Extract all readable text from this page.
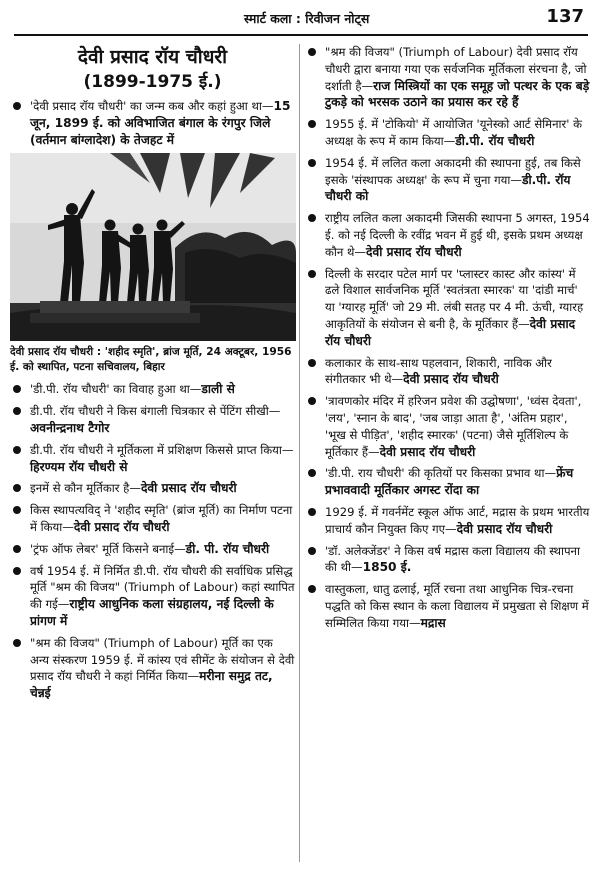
स्मार्ट कला : रिवीजन नोट्स	137
देवी प्रसाद रॉय चौधरी
(1899-1975 ई.)
'देवी प्रसाद रॉय चौधरी' का जन्म कब और कहां हुआ था—15 जून, 1899 ई. को अविभाजित बंगाल के रंगपुर जिले (वर्तमान बांग्लादेश) के तेजहट में
देवी प्रसाद रॉय चौधरी : 'शहीद स्मृति', ब्रांज मूर्ति, 24 अक्टूबर, 1956 ई. को स्थापित, पटना सचिवालय, बिहार
'डी.पी. रॉय चौधरी' का विवाह हुआ था—डाली से
डी.पी. रॉय चौधरी ने किस बंगाली चित्रकार से पेंटिंग सीखी—अवनीन्द्रनाथ टैगोर
डी.पी. रॉय चौधरी ने मूर्तिकला में प्रशिक्षण किससे प्राप्त किया—हिरण्यम रॉय चौधरी से
इनमें से कौन मूर्तिकार है—देवी प्रसाद रॉय चौधरी
किस स्थापत्यविद् ने 'शहीद स्मृति' (ब्रांज मूर्ति) का निर्माण पटना में किया—देवी प्रसाद रॉय चौधरी
'ट्रंफ ऑफ लेबर' मूर्ति किसने बनाई—डी. पी. रॉय चौधरी
वर्ष 1954 ई. में निर्मित डी.पी. रॉय चौधरी की सर्वाधिक प्रसिद्ध मूर्ति "श्रम की विजय" (Triumph of Labour) कहां स्थापित की गई—राष्ट्रीय आधुनिक कला संग्रहालय, नई दिल्ली के प्रांगण में
"श्रम की विजय" (Triumph of Labour) मूर्ति का एक अन्य संस्करण 1959 ई. में कांस्य एवं सीमेंट के संयोजन से देवी प्रसाद रॉय चौधरी ने कहां निर्मित किया—मरीना समुद्र तट, चेन्नई
"श्रम की विजय" (Triumph of Labour) देवी प्रसाद रॉय चौधरी द्वारा बनाया गया एक सर्वजनिक मूर्तिकला संरचना है, जो दर्शाती है—राज मिस्त्रियों का एक समूह जो पत्थर के एक बड़े टुकड़े को भरसक उठाने का प्रयास कर रहे हैं
1955 ई. में 'टोकियो' में आयोजित 'यूनेस्को आर्ट सेमिनार' के अध्यक्ष के रूप में काम किया—डी.पी. रॉय चौधरी
1954 ई. में ललित कला अकादमी की स्थापना हुई, तब किसे इसके 'संस्थापक अध्यक्ष' के रूप में चुना गया—डी.पी. रॉय चौधरी को
राष्ट्रीय ललित कला अकादमी जिसकी स्थापना 5 अगस्त, 1954 ई. को नई दिल्ली के रवींद्र भवन में हुई थी, इसके प्रथम अध्यक्ष कौन थे—देवी प्रसाद रॉय चौधरी
दिल्ली के सरदार पटेल मार्ग पर 'प्लास्टर कास्ट और कांस्य' में ढले विशाल सार्वजनिक मूर्ति 'स्वतंत्रता स्मारक' या 'दांडी मार्च' या 'ग्यारह मूर्ति' जो 29 मी. लंबी सतह पर 4 मी. ऊंची, ग्यारह आकृतियों के संयोजन से बनी है, के मूर्तिकार हैं—देवी प्रसाद रॉय चौधरी
कलाकार के साथ-साथ पहलवान, शिकारी, नाविक और संगीतकार भी थे—देवी प्रसाद रॉय चौधरी
'त्रावणकोर मंदिर में हरिजन प्रवेश की उद्घोषणा', 'ध्वंस देवता', 'लय', 'स्नान के बाद', 'जब जाड़ा आता है', 'अंतिम प्रहार', 'भूख से पीड़ित', 'शहीद स्मारक' (पटना) जैसे मूर्तिशिल्प के मूर्तिकार हैं—देवी प्रसाद रॉय चौधरी
'डी.पी. राय चौधरी' की कृतियों पर किसका प्रभाव था—फ्रेंच प्रभाववादी मूर्तिकार अगस्ट रोंदा का
1929 ई. में गवर्नमेंट स्कूल ऑफ आर्ट, मद्रास के प्रथम भारतीय प्राचार्य कौन नियुक्त किए गए—देवी प्रसाद रॉय चौधरी
'डॉ. अलेक्जेंडर' ने किस वर्ष मद्रास कला विद्यालय की स्थापना की थी—1850 ई.
वास्तुकला, धातु ढलाई, मूर्ति रचना तथा आधुनिक चित्र-रचना पद्धति को किस स्थान के कला विद्यालय में प्रमुखता से शिक्षण में सम्मिलित किया गया—मद्रास
